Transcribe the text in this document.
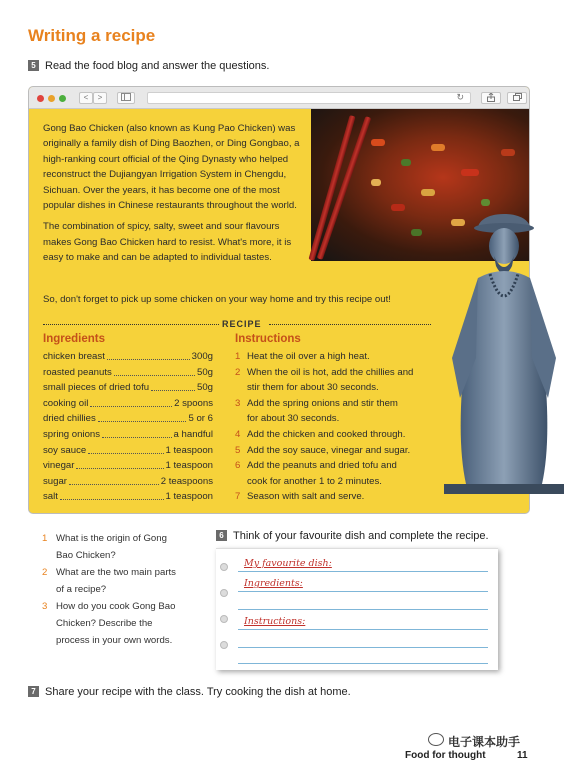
Writing a recipe
5 Read the food blog and answer the questions.
<	>	↻

Gong Bao Chicken (also known as Kung Pao Chicken) was originally a family dish of Ding Baozhen, or Ding Gongbao, a high-ranking court official of the Qing Dynasty who helped reconstruct the Dujiangyan Irrigation System in Chengdu, Sichuan. Over the years, it has become one of the most popular dishes in Chinese restaurants throughout the world.

The combination of spicy, salty, sweet and sour flavours makes Gong Bao Chicken hard to resist. What's more, it is easy to make and can be adapted to individual tastes.

So, don't forget to pick up some chicken on your way home and try this recipe out!
RECIPE
Ingredients	Instructions
chicken breast	300g
roasted peanuts	50g
small pieces of dried tofu	50g
cooking oil	2 spoons
dried chillies	5 or 6
spring onions	a handful
soy sauce	1 teaspoon
vinegar	1 teaspoon
sugar	2 teaspoons
salt	1 teaspoon
1 Heat the oil over a high heat.
2 When the oil is hot, add the chillies and
stir them for about 30 seconds.
3 Add the spring onions and stir them
for about 30 seconds.
4 Add the chicken and cooked through.
5 Add the soy sauce, vinegar and sugar.
6 Add the peanuts and dried tofu and
cook for another 1 to 2 minutes.
7 Season with salt and serve.
1 What is the origin of Gong Bao Chicken?
2 What are the two main parts of a recipe?
3 How do you cook Gong Bao Chicken? Describe the process in your own words.
6 Think of your favourite dish and complete the recipe.
My favourite dish:
Ingredients:
Instructions:
7 Share your recipe with the class. Try cooking the dish at home.
电子课本助手
Food for thought	11
